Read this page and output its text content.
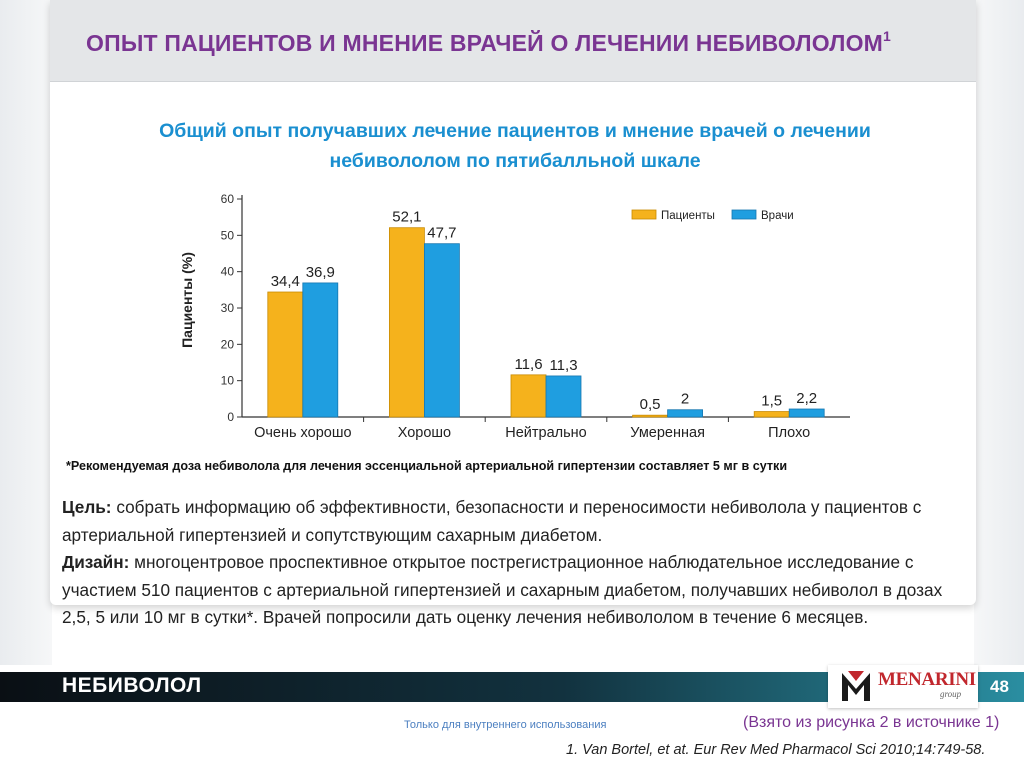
ОПЫТ ПАЦИЕНТОВ И МНЕНИЕ ВРАЧЕЙ О ЛЕЧЕНИИ НЕБИВОЛОЛОМ$^1$
Общий опыт получавших лечение пациентов и мнение врачей о лечении
небивололом по пятибалльной шкале
0
10
20
30
40
50
60
Пациенты (%)	34,4
36,9
Очень хорошо
52,1
47,7
Хорошо
11,6 11,3
Нейтрально
0,5 2
Умеренная
1,5 2,2
Плохо
Пациенты	Врачи
*Рекомендуемая доза небиволола для лечения эссенциальной артериальной гипертензии составляет 5 мг в сутки

Цель: собрать информацию об эффективности, безопасности и переносимости небиволола у пациентов с артериальной гипертензией и сопутствующим сахарным диабетом.

Дизайн: многоцентровое проспективное открытое пострегистрационное наблюдательное исследование с участием 510 пациентов с артериальной гипертензией и сахарным диабетом, получавших небиволол в дозах 2,5, 5 или 10 мг в сутки*. Врачей попросили дать оценку лечения небивололом в течение 6 месяцев.

НЕБИВОЛОЛ	MENARINI
group 48
Только для внутреннего использования	(Взято из рисунка 2 в источнике 1)
1. Van Bortel, et at. Eur Rev Med Pharmacol Sci 2010;14:749-58.
